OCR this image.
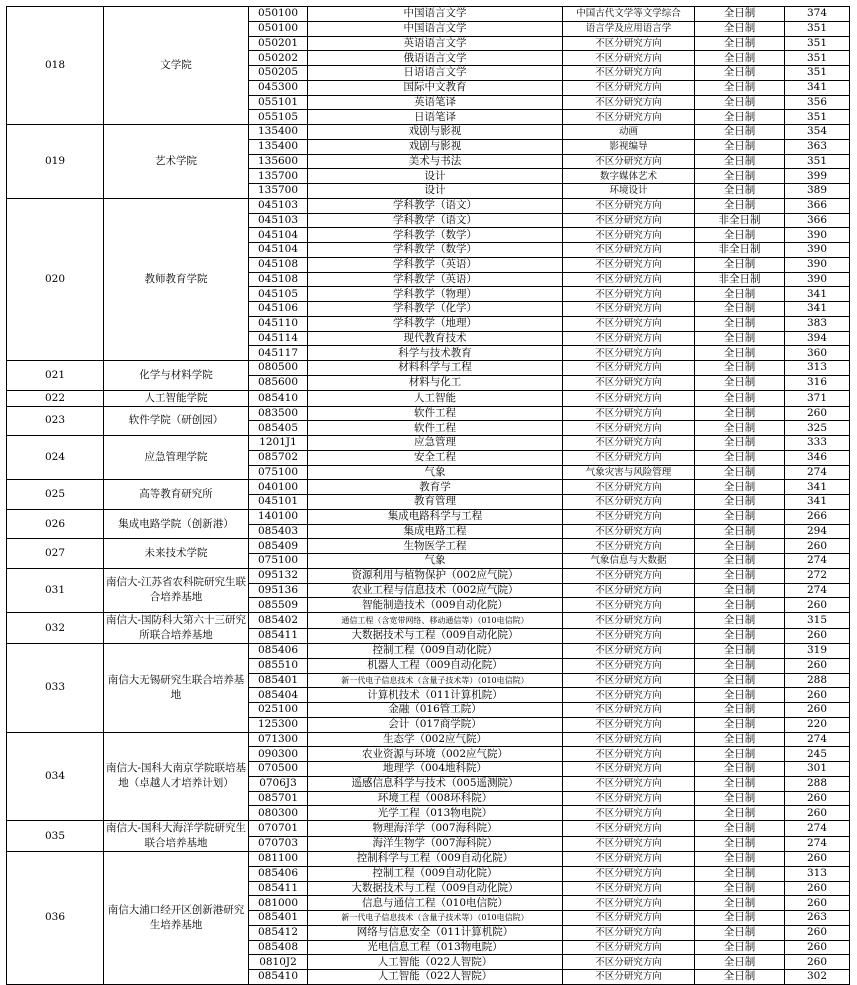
018	文学院	050100	中国语言文学	中国古代文学等文学综合	全日制	374
		050100	中国语言文学	语言学及应用语言学	全日制	351
		050201	英语语言文学	不区分研究方向	全日制	351
		050202	俄语语言文学	不区分研究方向	全日制	351
		050205	日语语言文学	不区分研究方向	全日制	351
		045300	国际中文教育	不区分研究方向	全日制	341
		055101	英语笔译	不区分研究方向	全日制	356
		055105	日语笔译	不区分研究方向	全日制	351
019	艺术学院	135400	戏剧与影视	动画	全日制	354
		135400	戏剧与影视	影视编导	全日制	363
		135600	美术与书法	不区分研究方向	全日制	351
		135700	设计	数字媒体艺术	全日制	399
		135700	设计	环境设计	全日制	389
020	教师教育学院	045103	学科教学（语文）	不区分研究方向	全日制	366
		045103	学科教学（语文）	不区分研究方向	非全日制	366
		045104	学科教学（数学）	不区分研究方向	全日制	390
		045104	学科教学（数学）	不区分研究方向	非全日制	390
		045108	学科教学（英语）	不区分研究方向	全日制	390
		045108	学科教学（英语）	不区分研究方向	非全日制	390
		045105	学科教学（物理）	不区分研究方向	全日制	341
		045106	学科教学（化学）	不区分研究方向	全日制	341
		045110	学科教学（地理）	不区分研究方向	全日制	383
		045114	现代教育技术	不区分研究方向	全日制	394
		045117	科学与技术教育	不区分研究方向	全日制	360
021	化学与材料学院	080500	材料科学与工程	不区分研究方向	全日制	313
		085600	材料与化工	不区分研究方向	全日制	316
022	人工智能学院	085410	人工智能	不区分研究方向	全日制	371
023	软件学院（研创园）	083500	软件工程	不区分研究方向	全日制	260
		085405	软件工程	不区分研究方向	全日制	325
024	应急管理学院	1201J1	应急管理	不区分研究方向	全日制	333
		085702	安全工程	不区分研究方向	全日制	346
		075100	气象	气象灾害与风险管理	全日制	274
025	高等教育研究所	040100	教育学	不区分研究方向	全日制	341
		045101	教育管理	不区分研究方向	全日制	341
026	集成电路学院（创新港）	140100	集成电路科学与工程	不区分研究方向	全日制	266
		085403	集成电路工程	不区分研究方向	全日制	294
027	未来技术学院	085409	生物医学工程	不区分研究方向	全日制	260
		075100	气象	气象信息与大数据	全日制	274
031	南信大-江苏省农科院研究生联合培养基地	095132	资源利用与植物保护（002应气院）	不区分研究方向	全日制	272
		095136	农业工程与信息技术（002应气院）	不区分研究方向	全日制	274
		085509	智能制造技术（009自动化院）	不区分研究方向	全日制	260
032	南信大-国防科大第六十三研究所联合培养基地	085402	通信工程（含宽带网络、移动通信等）（010电信院）	不区分研究方向	全日制	315
		085411	大数据技术与工程（009自动化院）	不区分研究方向	全日制	260
033	南信大无锡研究生联合培养基地	085406	控制工程（009自动化院）	不区分研究方向	全日制	319
		085510	机器人工程（009自动化院）	不区分研究方向	全日制	260
		085401	新一代电子信息技术（含量子技术等）（010电信院）	不区分研究方向	全日制	288
		085404	计算机技术（011计算机院）	不区分研究方向	全日制	260
		025100	金融（016管工院）	不区分研究方向	全日制	260
		125300	会计（017商学院）	不区分研究方向	全日制	220
034	南信大-国科大南京学院联培基地（卓越人才培养计划）	071300	生态学（002应气院）	不区分研究方向	全日制	274
		090300	农业资源与环境（002应气院）	不区分研究方向	全日制	245
		070500	地理学（004地科院）	不区分研究方向	全日制	301
		0706J3	遥感信息科学与技术（005遥测院）	不区分研究方向	全日制	288
		085701	环境工程（008环科院）	不区分研究方向	全日制	260
		080300	光学工程（013物电院）	不区分研究方向	全日制	260
035	南信大-国科大海洋学院研究生联合培养基地	070701	物理海洋学（007海科院）	不区分研究方向	全日制	274
		070703	海洋生物学（007海科院）	不区分研究方向	全日制	274
036	南信大浦口经开区创新港研究生培养基地	081100	控制科学与工程（009自动化院）	不区分研究方向	全日制	260
		085406	控制工程（009自动化院）	不区分研究方向	全日制	313
		085411	大数据技术与工程（009自动化院）	不区分研究方向	全日制	260
		081000	信息与通信工程（010电信院）	不区分研究方向	全日制	260
		085401	新一代电子信息技术（含量子技术等）（010电信院）	不区分研究方向	全日制	263
		085412	网络与信息安全（011计算机院）	不区分研究方向	全日制	260
		085408	光电信息工程（013物电院）	不区分研究方向	全日制	260
		0810J2	人工智能（022人智院）	不区分研究方向	全日制	260
		085410	人工智能（022人智院）	不区分研究方向	全日制	302
